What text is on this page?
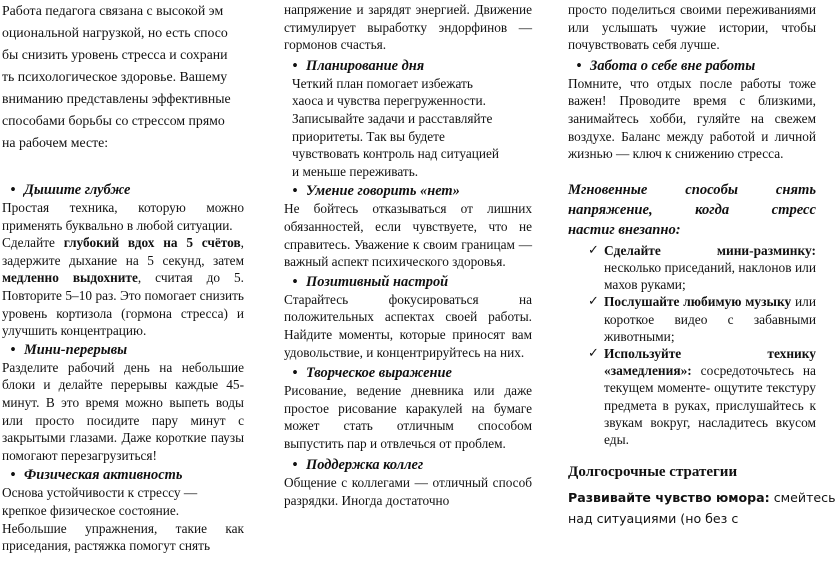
Работа педагога связана с высокой эм
оциональной нагрузкой, но есть спосо
бы снизить уровень стресса и сохрани
ть психологическое здоровье. Вашему
вниманию представлены эффективные
способами борьбы со стрессом прямо
на рабочем месте:
• Дышите глубже

Простая техника, которую можно применять буквально в любой ситуации.

Сделайте глубокий вдох на 5 счётов, задержите дыхание на 5 секунд, затем медленно выдохните, считая до 5. Повторите 5–10 раз. Это помогает снизить уровень кортизола (гормона стресса) и улучшить концентрацию.

• Мини-перерывы

Разделите рабочий день на небольшие блоки и делайте перерывы каждые 45-минут. В это время можно выпеть воды или просто посидите пару минут с закрытыми глазами. Даже короткие паузы помогают перезагрузиться!

• Физическая активность
Основа устойчивости к стрессу —
крепкое физическое состояние.

Небольшие упражнения, такие как приседания, растяжка помогут снять

напряжение и зарядят энергией. Движение стимулирует выработку эндорфинов — гормонов счастья.

• Планирование дня
Четкий план помогает избежать
хаоса и чувства перегруженности.
Записывайте задачи и расставляйте
приоритеты. Так вы будете
чувствовать контроль над ситуацией
и меньше переживать.
• Умение говорить «нет»

Не бойтесь отказываться от лишних обязанностей, если чувствуете, что не справитесь. Уважение к своим границам — важный аспект психического здоровья.

• Позитивный настрой

Старайтесь фокусироваться на положительных аспектах своей работы. Найдите моменты, которые приносят вам удовольствие, и концентрируйтесь на них.

• Творческое выражение

Рисование, ведение дневника или даже простое рисование каракулей на бумаге может стать отличным способом выпустить пар и отвлечься от проблем.

• Поддержка коллег

Общение с коллегами — отличный способ разрядки. Иногда достаточно

просто поделиться своими переживаниями или услышать чужие истории, чтобы почувствовать себя лучше.

• Забота о себе вне работы

Помните, что отдых после работы тоже важен! Проводите время с близкими, занимайтесь хобби, гуляйте на свежем воздухе. Баланс между работой и личной жизнью — ключ к снижению стресса.

Мгновенные способы снять напряжение, когда стресс
настиг внезапно:
✓ Сделайте мини-разминку: несколько приседаний, наклонов или махов руками;
✓ Послушайте любимую музыку или короткое видео с забавными животными;
✓ Используйте технику «замедления»: сосредоточьтесь на текущем моменте- ощутите текстуру предмета в руках, прислушайтесь к звукам вокруг, насладитесь вкусом еды.
Долгосрочные стратегии
Развивайте чувство юмора: смейтесь
над ситуациями (но без с
